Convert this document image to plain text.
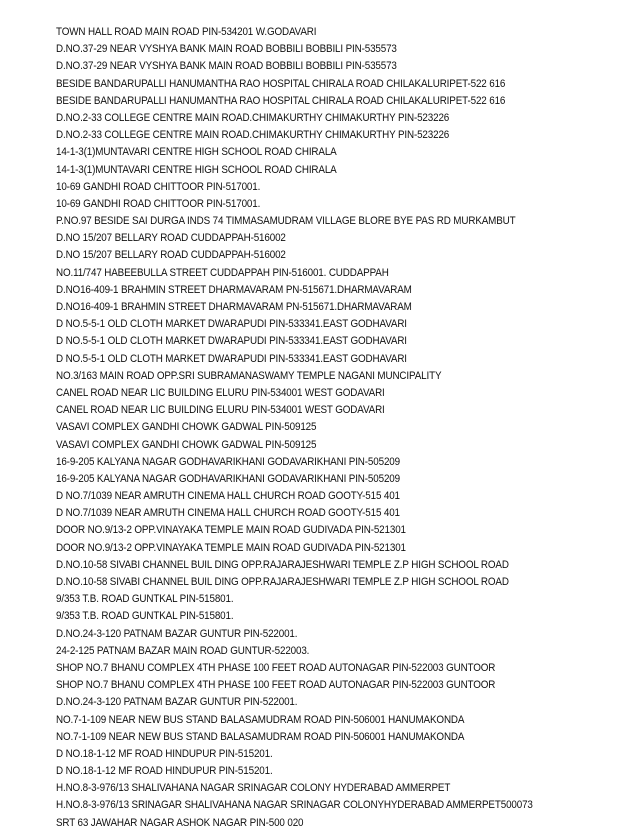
TOWN HALL ROAD MAIN ROAD PIN-534201 W.GODAVARI
D.NO.37-29 NEAR VYSHYA BANK MAIN ROAD BOBBILI BOBBILI PIN-535573
D.NO.37-29 NEAR VYSHYA BANK MAIN ROAD BOBBILI BOBBILI PIN-535573
BESIDE BANDARUPALLI HANUMANTHA RAO HOSPITAL CHIRALA ROAD CHILAKALURIPET-522 616
BESIDE BANDARUPALLI HANUMANTHA RAO HOSPITAL CHIRALA ROAD CHILAKALURIPET-522 616
D.NO.2-33 COLLEGE CENTRE MAIN ROAD.CHIMAKURTHY CHIMAKURTHY PIN-523226
D.NO.2-33 COLLEGE CENTRE MAIN ROAD.CHIMAKURTHY CHIMAKURTHY PIN-523226
14-1-3(1)MUNTAVARI CENTRE HIGH SCHOOL ROAD CHIRALA
14-1-3(1)MUNTAVARI CENTRE HIGH SCHOOL ROAD CHIRALA
10-69 GANDHI ROAD CHITTOOR PIN-517001.
10-69 GANDHI ROAD CHITTOOR PIN-517001.
P.NO.97 BESIDE SAI DURGA INDS 74 TIMMASAMUDRAM VILLAGE BLORE BYE PAS RD MURKAMBUT
D.NO 15/207 BELLARY ROAD CUDDAPPAH-516002
D.NO 15/207 BELLARY ROAD CUDDAPPAH-516002
NO.11/747 HABEEBULLA STREET CUDDAPPAH PIN-516001. CUDDAPPAH
D.NO16-409-1 BRAHMIN STREET DHARMAVARAM PN-515671.DHARMAVARAM
D.NO16-409-1 BRAHMIN STREET DHARMAVARAM PN-515671.DHARMAVARAM
D NO.5-5-1 OLD CLOTH MARKET DWARAPUDI PIN-533341.EAST GODHAVARI
D NO.5-5-1 OLD CLOTH MARKET DWARAPUDI PIN-533341.EAST GODHAVARI
D NO.5-5-1 OLD CLOTH MARKET DWARAPUDI PIN-533341.EAST GODHAVARI
NO.3/163 MAIN ROAD OPP.SRI SUBRAMANASWAMY TEMPLE NAGANI MUNCIPALITY
CANEL ROAD NEAR LIC BUILDING ELURU PIN-534001 WEST GODAVARI
CANEL ROAD NEAR LIC BUILDING ELURU PIN-534001 WEST GODAVARI
VASAVI COMPLEX GANDHI CHOWK GADWAL PIN-509125
VASAVI COMPLEX GANDHI CHOWK GADWAL PIN-509125
16-9-205 KALYANA NAGAR GODHAVARIKHANI GODAVARIKHANI PIN-505209
16-9-205 KALYANA NAGAR GODHAVARIKHANI GODAVARIKHANI PIN-505209
D NO.7/1039 NEAR AMRUTH CINEMA HALL CHURCH ROAD GOOTY-515 401
D NO.7/1039 NEAR AMRUTH CINEMA HALL CHURCH ROAD GOOTY-515 401
DOOR NO.9/13-2 OPP.VINAYAKA TEMPLE MAIN ROAD GUDIVADA PIN-521301
DOOR NO.9/13-2 OPP.VINAYAKA TEMPLE MAIN ROAD GUDIVADA PIN-521301
D.NO.10-58 SIVABI CHANNEL BUIL DING OPP.RAJARAJESHWARI TEMPLE Z.P HIGH SCHOOL ROAD
D.NO.10-58 SIVABI CHANNEL BUIL DING OPP.RAJARAJESHWARI TEMPLE Z.P HIGH SCHOOL ROAD
9/353 T.B. ROAD GUNTKAL PIN-515801.
9/353 T.B. ROAD GUNTKAL PIN-515801.
D.NO.24-3-120 PATNAM BAZAR GUNTUR PIN-522001.
24-2-125 PATNAM BAZAR MAIN ROAD GUNTUR-522003.
SHOP NO.7 BHANU COMPLEX 4TH PHASE 100 FEET ROAD AUTONAGAR PIN-522003 GUNTOOR
SHOP NO.7 BHANU COMPLEX 4TH PHASE 100 FEET ROAD AUTONAGAR PIN-522003 GUNTOOR
D.NO.24-3-120 PATNAM BAZAR GUNTUR PIN-522001.
NO.7-1-109 NEAR NEW BUS STAND BALASAMUDRAM ROAD PIN-506001 HANUMAKONDA
NO.7-1-109 NEAR NEW BUS STAND BALASAMUDRAM ROAD PIN-506001 HANUMAKONDA
D NO.18-1-12 MF ROAD HINDUPUR PIN-515201.
D NO.18-1-12 MF ROAD HINDUPUR PIN-515201.
H.NO.8-3-976/13 SHALIVAHANA NAGAR SRINAGAR COLONY HYDERABAD AMMERPET
H.NO.8-3-976/13 SRINAGAR SHALIVAHANA NAGAR SRINAGAR COLONYHYDERABAD AMMERPET500073
SRT 63 JAWAHAR NAGAR ASHOK NAGAR PIN-500 020
